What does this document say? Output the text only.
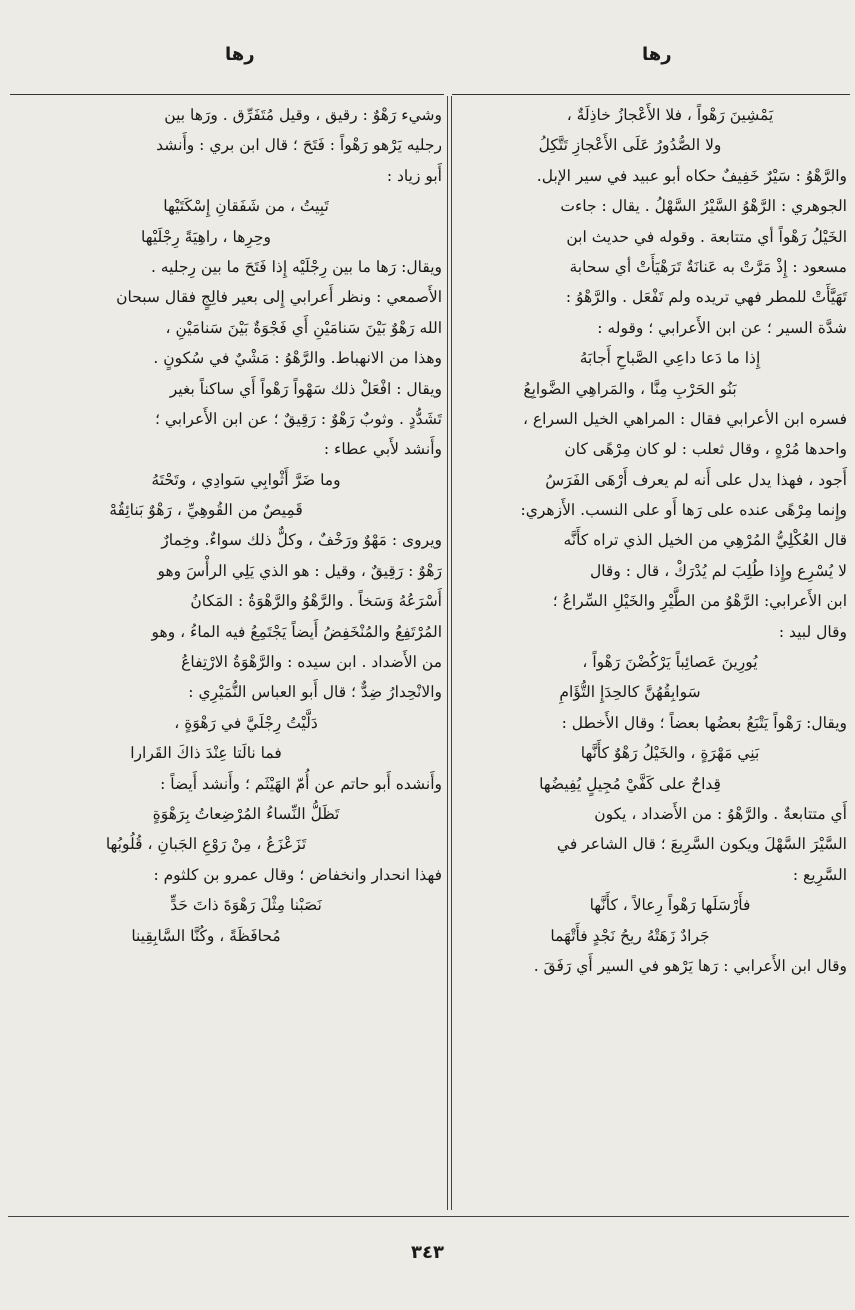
رها	رها
يَمْشِينَ رَهْواً ، فلا الأَعْجازُ خاذِلَةٌ ،
ولا الصُّدُورُ عَلَى الأَعْجازِ تَتَّكِلُ
والرَّهْوُ : سَيْرٌ خَفِيفٌ حكاه أبو عبيد في سير الإبل.
الجوهري : الرَّهْوُ السَّيْرُ السَّهْلُ . يقال : جاءت
الخَيْلُ رَهْواً أي متتابعة . وقوله في حديث ابن
مسعود : إِذْ مَرَّتْ به عَنانَةٌ تَرَهْيَأَتْ أي سحابة
تَهَيَّأَتْ للمطر فهي تريده ولم تَفْعَل . والرَّهْوُ :
شدَّة السير ؛ عن ابن الأَعرابي ؛ وقوله :
إِذا ما دَعا داعِي الصَّباحِ أَجابَهُ
بَنُو الحَرْبِ مِنَّا ، والمَراهِي الضَّوابِعُ
فسره ابن الأعرابي فقال : المراهي الخيل السراع ،
واحدها مُرْهٍ ، وقال ثعلب : لو كان مِرْهًى كان
أَجود ، فهذا يدل على أَنه لم يعرف أَرْهَى الفَرَسُ
وإِنما مِرْهًى عنده على رَها أَو على النسب. الأَزهري:
قال العُكْلِيُّ المُرْهِي من الخيل الذي تراه كأَنَّه
لا يُسْرِع وإِذا طُلِبَ لم يُدْرَكْ ، قال : وقال
ابن الأَعرابي: الرَّهْوُ من الطَّيْرِ والخَيْلِ السِّراعُ ؛
وقال لبيد :
يُورِينَ عَصائِباً يَرْكُضْنَ رَهْواً ،
سَوابِقُهُنَّ كالحِدَإِ التُّؤَامِ
ويقال: رَهْواً يَتْبَعُ بعضُها بعضاً ؛ وقال الأَخطل :
بَنِي مَهْرَةٍ ، والخَيْلُ رَهْوٌ كأَنَّها
قِداحٌ على كَفَّيْ مُجِيلٍ يُفِيضُها
أَي متتابعةٌ . والرَّهْوُ : من الأَضداد ، يكون
السَّيْرَ السَّهْلَ ويكون السَّرِيعَ ؛ قال الشاعر في
السَّرِيع :
فأَرْسَلَها رَهْواً رِعالاً ، كأَنَّها
جَرادٌ زَهَتْهُ ريحُ نَجْدٍ فأَتْهَما
وقال ابن الأَعرابي : رَها يَرْهو في السير أَي رَفَقَ .
وشيء رَهْوٌ : رقيق ، وقيل مُتَفَرِّق . ورَها بين
رجليه يَرْهو رَهْواً : فَتَحَ ؛ قال ابن بري : وأَنشد
أَبو زياد :
تَبِيتُ ، من شَفَقانِ إِسْكَتَيْها
وحِرِها ، راهِيَةً رِجْلَيْها
ويقال: رَها ما بين رِجْلَيْه إِذا فَتَحَ ما بين رِجليه .
الأَصمعي : ونظر أَعرابي إِلى بعير فالِجٍ فقال سبحان
الله رَهْوٌ بَيْنَ سَنامَيْنِ أَي فَجْوَةٌ بَيْنَ سَنامَيْنِ ،
وهذا من الانهباط. والرَّهْوُ : مَشْيٌ في سُكونٍ .
ويقال : افْعَلْ ذلك سَهْواً رَهْواً أَي ساكناً بغير
تَشَدُّدٍ . وثوبٌ رَهْوٌ : رَقِيقٌ ؛ عن ابن الأَعرابي ؛
وأَنشد لأَبي عطاء :
وما ضَرَّ أَثْوابِي سَوادِي ، وتَحْتَهُ
قَمِيصٌ من القُوهِيِّ ، رَهْوٌ بَنائِقُهْ
ويروى : مَهْوٌ ورَخْفٌ ، وكلٌّ ذلك سواءٌ. وخِمارٌ
رَهْوٌ : رَقِيقٌ ، وقيل : هو الذي يَلِي الرأْسَ وهو
أَسْرَعُهُ وَسَخاً . والرَّهْوُ والرَّهْوَةُ : المَكانُ
المُرْتَفِعُ والمُنْخَفِضُ أَيضاً يَجْتَمِعُ فيه الماءُ ، وهو
من الأَضداد . ابن سيده : والرَّهْوَةُ الارْتِفاعُ
والانْحِدارُ ضِدٌّ ؛ قال أَبو العباس النُّمَيْرِي :
دَلَّيْتُ رِجْلَيَّ في رَهْوَةٍ ،
فما نالَتا عِنْدَ ذاكَ القَرارا
وأَنشده أَبو حاتم عن أُمّ الهَيْثَم ؛ وأَنشد أَيضاً :
تَظَلُّ النِّساءُ المُرْضِعاتُ بِرَهْوَةٍ
تَزَعْزَعُ ، مِنْ رَوْعِ الجَبانِ ، قُلُوبُها
فهذا انحدار وانخفاض ؛ وقال عمرو بن كلثوم :
نَصَبْنا مِثْلَ رَهْوَةَ ذاتَ حَدٍّ
مُحافَظَةً ، وكُنَّا السَّابِقِينا
٣٤٣
